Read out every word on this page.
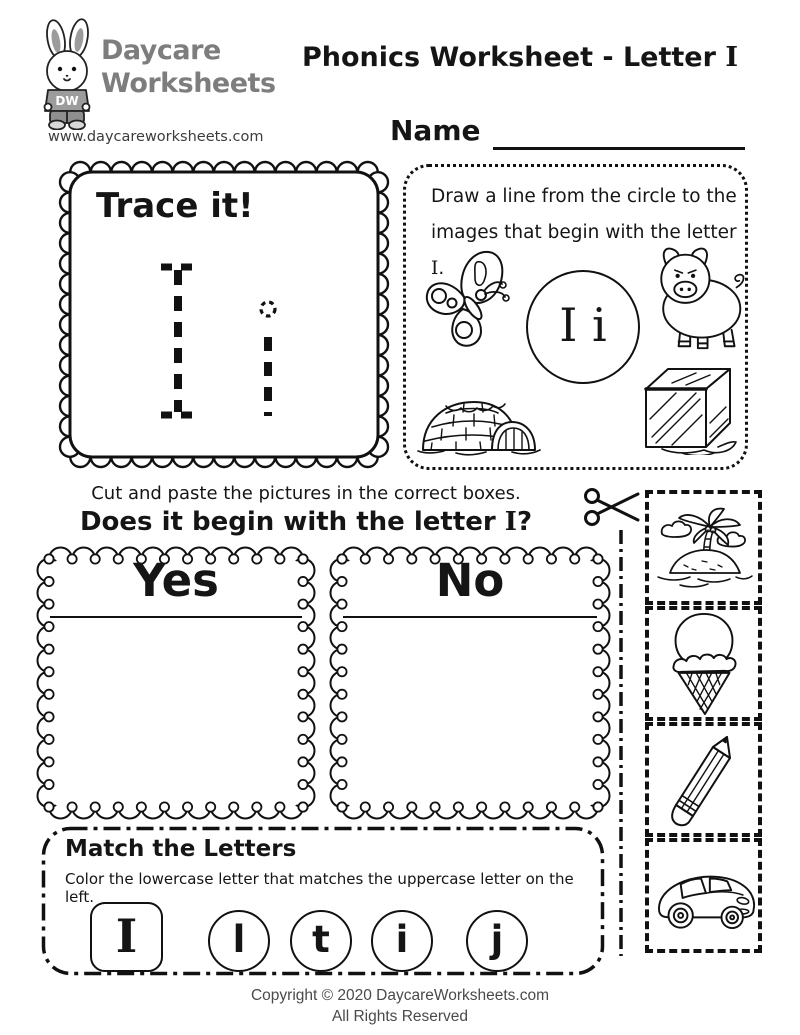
DW
Daycare
Worksheets
www.daycareworksheets.com
Phonics Worksheet - Letter I
Name
Trace it!	Draw a line from the circle to the
images that begin with the letter I.
I i
Cut and paste the pictures in the correct boxes.
Does it begin with the letter I?
Yes	No
Match the Letters
Color the lowercase letter that matches the uppercase letter on the left.
I	l	t	i	j
Copyright © 2020 DaycareWorksheets.com
All Rights Reserved
